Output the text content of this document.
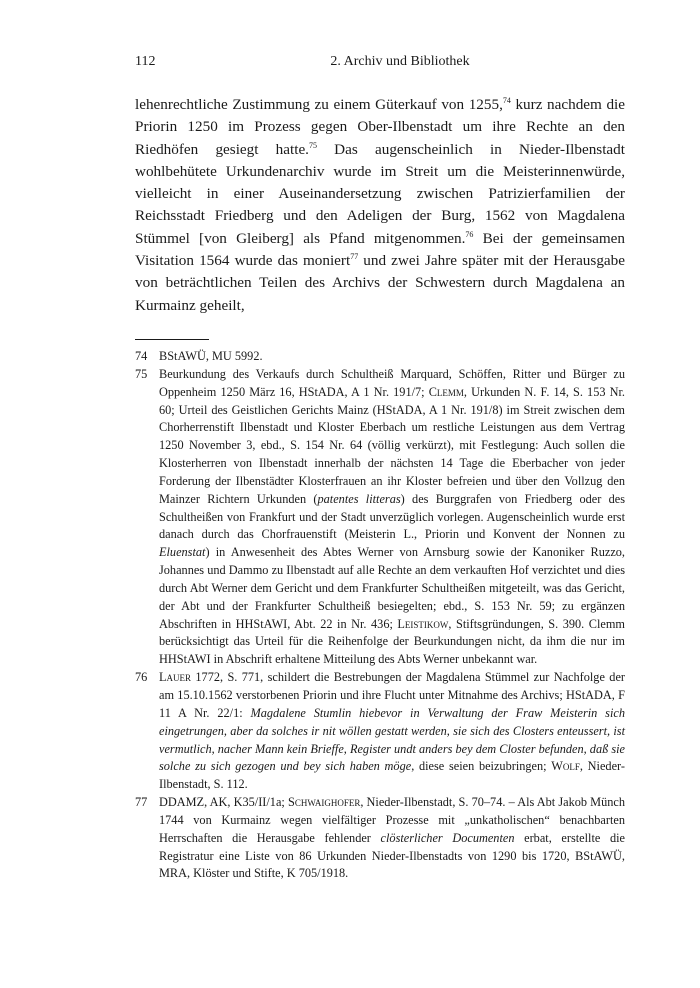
112	2. Archiv und Bibliothek

lehenrechtliche Zustimmung zu einem Güterkauf von 1255,74 kurz nachdem die Priorin 1250 im Prozess gegen Ober-Ilbenstadt um ihre Rechte an den Riedhöfen gesiegt hatte.$^{75}$ Das augenscheinlich in Nieder-Ilbenstadt wohlbehütete Urkundenarchiv wurde im Streit um die Meisterinnenwürde, vielleicht in einer Auseinandersetzung zwischen Patrizierfamilien der Reichsstadt Friedberg und den Adeligen der Burg, 1562 von Magdalena Stümmel [von Gleiberg] als Pfand mitgenommen.$^{76}$ Bei der gemeinsamen Visitation 1564 wurde das moniert$^{77}$ und zwei Jahre später mit der Herausgabe von beträchtlichen Teilen des Archivs der Schwestern durch Magdalena an Kurmainz geheilt,

74 BStAWÜ, MU 5992.
75 Beurkundung des Verkaufs durch Schultheiß Marquard, Schöffen, Ritter und Bürger zu Oppenheim 1250 März 16, HStADA, A 1 Nr. 191/7; Clemm, Urkunden N. F. 14, S. 153 Nr. 60; Urteil des Geistlichen Gerichts Mainz (HStADA, A 1 Nr. 191/8) im Streit zwischen dem Chorherrenstift Ilbenstadt und Kloster Eberbach um restliche Leistungen aus dem Vertrag 1250 November 3, ebd., S. 154 Nr. 64 (völlig verkürzt), mit Festlegung: Auch sollen die Klosterherren von Ilbenstadt innerhalb der nächsten 14 Tage die Eberbacher von jeder Forderung der Ilbenstädter Klosterfrauen an ihr Kloster befreien und über den Vollzug den Mainzer Richtern Urkunden (patentes litteras) des Burggrafen von Friedberg oder des Schultheißen von Frankfurt und der Stadt unverzüglich vorlegen. Augenscheinlich wurde erst danach durch das Chorfrauenstift (Meisterin L., Priorin und Konvent der Nonnen zu Eluenstat) in Anwesenheit des Abtes Werner von Arnsburg sowie der Kanoniker Ruzzo, Johannes und Dammo zu Ilbenstadt auf alle Rechte an dem verkauften Hof verzichtet und dies durch Abt Werner dem Gericht und dem Frankfurter Schultheißen mitgeteilt, was das Gericht, der Abt und der Frankfurter Schultheiß besiegelten; ebd., S. 153 Nr. 59; zu ergänzen Abschriften in HHStAWI, Abt. 22 in Nr. 436; Leistikow, Stiftsgründungen, S. 390. Clemm berücksichtigt das Urteil für die Reihenfolge der Beurkundungen nicht, da ihm die nur im HHStAWI in Abschrift erhaltene Mitteilung des Abts Werner unbekannt war.
76 Lauer 1772, S. 771, schildert die Bestrebungen der Magdalena Stümmel zur Nachfolge der am 15.10.1562 verstorbenen Priorin und ihre Flucht unter Mitnahme des Archivs; HStADA, F 11 A Nr. 22/1: Magdalene Stumlin hiebevor in Verwaltung der Fraw Meisterin sich eingetrungen, aber da solches ir nit wöllen gestatt werden, sie sich des Closters enteussert, ist vermutlich, nacher Mann kein Brieffe, Register undt anders bey dem Closter befunden, daß sie solche zu sich gezogen und bey sich haben möge, diese seien beizubringen; Wolf, Nieder-Ilbenstadt, S. 112.
77 DDAMZ, AK, K35/II/1a; Schwaighofer, Nieder-Ilbenstadt, S. 70–74. – Als Abt Jakob Münch 1744 von Kurmainz wegen vielfältiger Prozesse mit „unkatholischen“ benachbarten Herrschaften die Herausgabe fehlender clösterlicher Documenten erbat, erstellte die Registratur eine Liste von 86 Urkunden Nieder-Ilbenstadts von 1290 bis 1720, BStAWÜ, MRA, Klöster und Stifte, K 705/1918.
